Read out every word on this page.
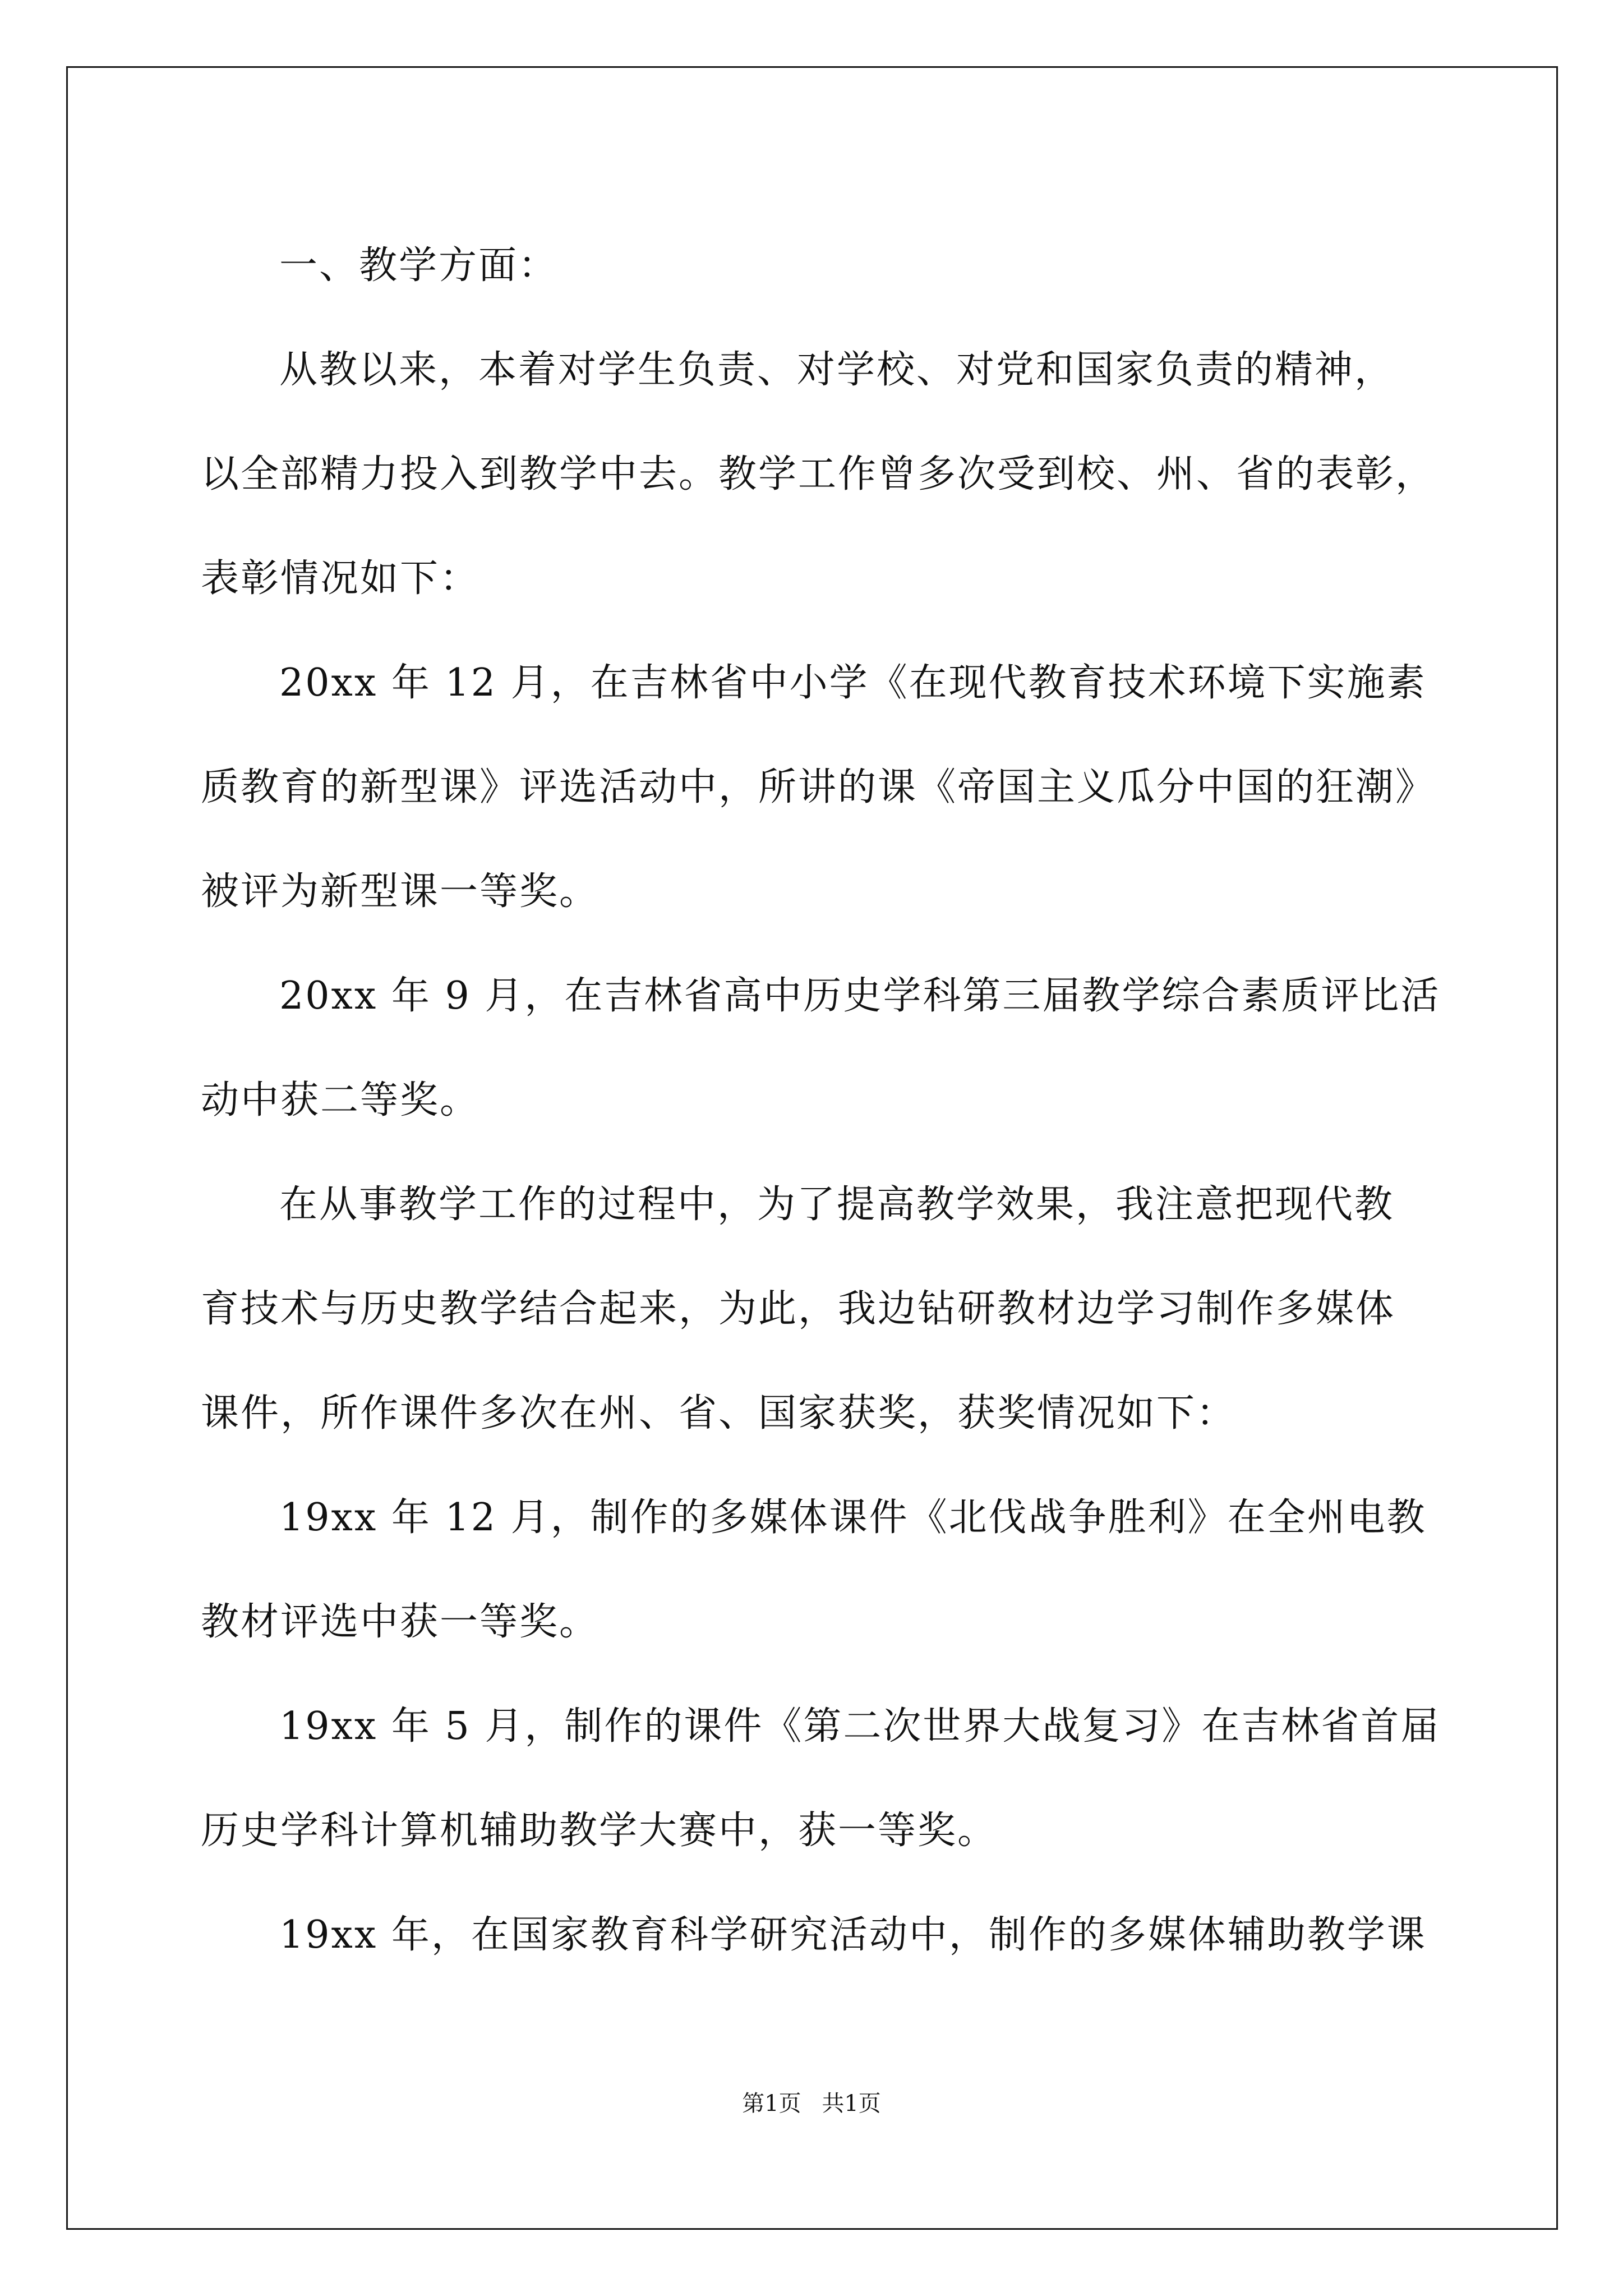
一、教学方面：
从教以来，本着对学生负责、对学校、对党和国家负责的精神，
以全部精力投入到教学中去。教学工作曾多次受到校、州、省的表彰，
表彰情况如下：
20xx 年 12 月，在吉林省中小学《在现代教育技术环境下实施素
质教育的新型课》评选活动中，所讲的课《帝国主义瓜分中国的狂潮》
被评为新型课一等奖。
20xx 年 9 月，在吉林省高中历史学科第三届教学综合素质评比活
动中获二等奖。
在从事教学工作的过程中，为了提高教学效果，我注意把现代教
育技术与历史教学结合起来，为此，我边钻研教材边学习制作多媒体
课件，所作课件多次在州、省、国家获奖，获奖情况如下：
19xx 年 12 月，制作的多媒体课件《北伐战争胜利》在全州电教
教材评选中获一等奖。
19xx 年 5 月，制作的课件《第二次世界大战复习》在吉林省首届
历史学科计算机辅助教学大赛中，获一等奖。
19xx 年，在国家教育科学研究活动中，制作的多媒体辅助教学课
第1页 共1页
